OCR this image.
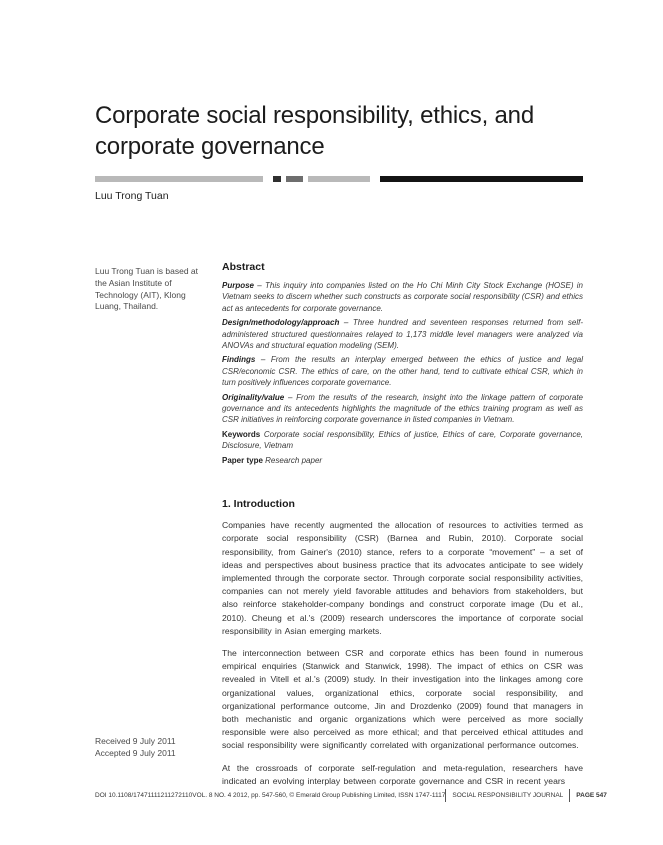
Corporate social responsibility, ethics, and corporate governance
Luu Trong Tuan
Luu Trong Tuan is based at the Asian Institute of Technology (AIT), Klong Luang, Thailand.
Received 9 July 2011
Accepted 9 July 2011
Abstract

Purpose – This inquiry into companies listed on the Ho Chi Minh City Stock Exchange (HOSE) in Vietnam seeks to discern whether such constructs as corporate social responsibility (CSR) and ethics act as antecedents for corporate governance.

Design/methodology/approach – Three hundred and seventeen responses returned from self-administered structured questionnaires relayed to 1,173 middle level managers were analyzed via ANOVAs and structural equation modeling (SEM).

Findings – From the results an interplay emerged between the ethics of justice and legal CSR/economic CSR. The ethics of care, on the other hand, tend to cultivate ethical CSR, which in turn positively influences corporate governance.

Originality/value – From the results of the research, insight into the linkage pattern of corporate governance and its antecedents highlights the magnitude of the ethics training program as well as CSR initiatives in reinforcing corporate governance in listed companies in Vietnam.

Keywords Corporate social responsibility, Ethics of justice, Ethics of care, Corporate governance, Disclosure, Vietnam

Paper type Research paper

1. Introduction

Companies have recently augmented the allocation of resources to activities termed as corporate social responsibility (CSR) (Barnea and Rubin, 2010). Corporate social responsibility, from Gainer's (2010) stance, refers to a corporate “movement” – a set of ideas and perspectives about business practice that its advocates anticipate to see widely implemented through the corporate sector. Through corporate social responsibility activities, companies can not merely yield favorable attitudes and behaviors from stakeholders, but also reinforce stakeholder-company bondings and construct corporate image (Du et al., 2010). Cheung et al.'s (2009) research underscores the importance of corporate social responsibility in Asian emerging markets.

The interconnection between CSR and corporate ethics has been found in numerous empirical enquiries (Stanwick and Stanwick, 1998). The impact of ethics on CSR was revealed in Vitell et al.'s (2009) study. In their investigation into the linkages among core organizational values, organizational ethics, corporate social responsibility, and organizational performance outcome, Jin and Drozdenko (2009) found that managers in both mechanistic and organic organizations which were perceived as more socially responsible were also perceived as more ethical; and that perceived ethical attitudes and social responsibility were significantly correlated with organizational performance outcomes.

At the crossroads of corporate self-regulation and meta-regulation, researchers have indicated an evolving interplay between corporate governance and CSR in recent years

DOI 10.1108/17471111211272110 VOL. 8 NO. 4 2012, pp. 547-560, © Emerald Group Publishing Limited, ISSN 1747-1117	SOCIAL RESPONSIBILITY JOURNAL	PAGE 547
